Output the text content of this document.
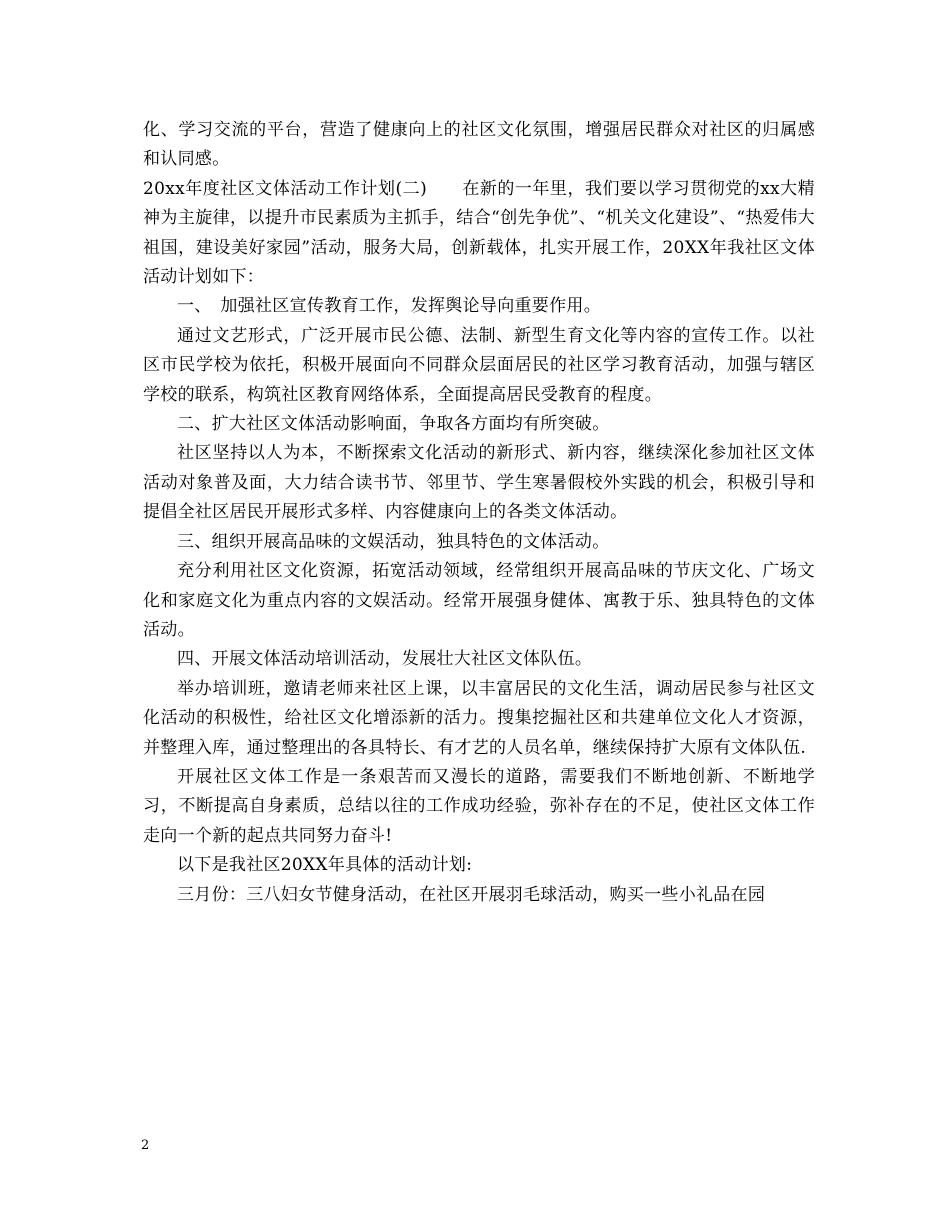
化、学习交流的平台，营造了健康向上的社区文化氛围，增强居民群众对社区的归属感和认同感。

20xx年度社区文体活动工作计划(二)　　在新的一年里，我们要以学习贯彻党的xx大精神为主旋律，以提升市民素质为主抓手，结合“创先争优”、“机关文化建设”、“热爱伟大祖国，建设美好家园”活动，服务大局，创新载体，扎实开展工作，20XX年我社区文体活动计划如下：

一、　加强社区宣传教育工作，发挥舆论导向重要作用。

通过文艺形式，广泛开展市民公德、法制、新型生育文化等内容的宣传工作。以社区市民学校为依托，积极开展面向不同群众层面居民的社区学习教育活动，加强与辖区学校的联系，构筑社区教育网络体系，全面提高居民受教育的程度。

二、扩大社区文体活动影响面，争取各方面均有所突破。

社区坚持以人为本，不断探索文化活动的新形式、新内容，继续深化参加社区文体活动对象普及面，大力结合读书节、邻里节、学生寒暑假校外实践的机会，积极引导和提倡全社区居民开展形式多样、内容健康向上的各类文体活动。

三、组织开展高品味的文娱活动，独具特色的文体活动。

充分利用社区文化资源，拓宽活动领域，经常组织开展高品味的节庆文化、广场文化和家庭文化为重点内容的文娱活动。经常开展强身健体、寓教于乐、独具特色的文体活动。

四、开展文体活动培训活动，发展壮大社区文体队伍。

举办培训班，邀请老师来社区上课，以丰富居民的文化生活，调动居民参与社区文化活动的积极性，给社区文化增添新的活力。搜集挖掘社区和共建单位文化人才资源，并整理入库，通过整理出的各具特长、有才艺的人员名单，继续保持扩大原有文体队伍.

开展社区文体工作是一条艰苦而又漫长的道路，需要我们不断地创新、不断地学习，不断提高自身素质，总结以往的工作成功经验，弥补存在的不足，使社区文体工作走向一个新的起点共同努力奋斗!

以下是我社区20XX年具体的活动计划:

三月份：三八妇女节健身活动，在社区开展羽毛球活动，购买一些小礼品在园

2
